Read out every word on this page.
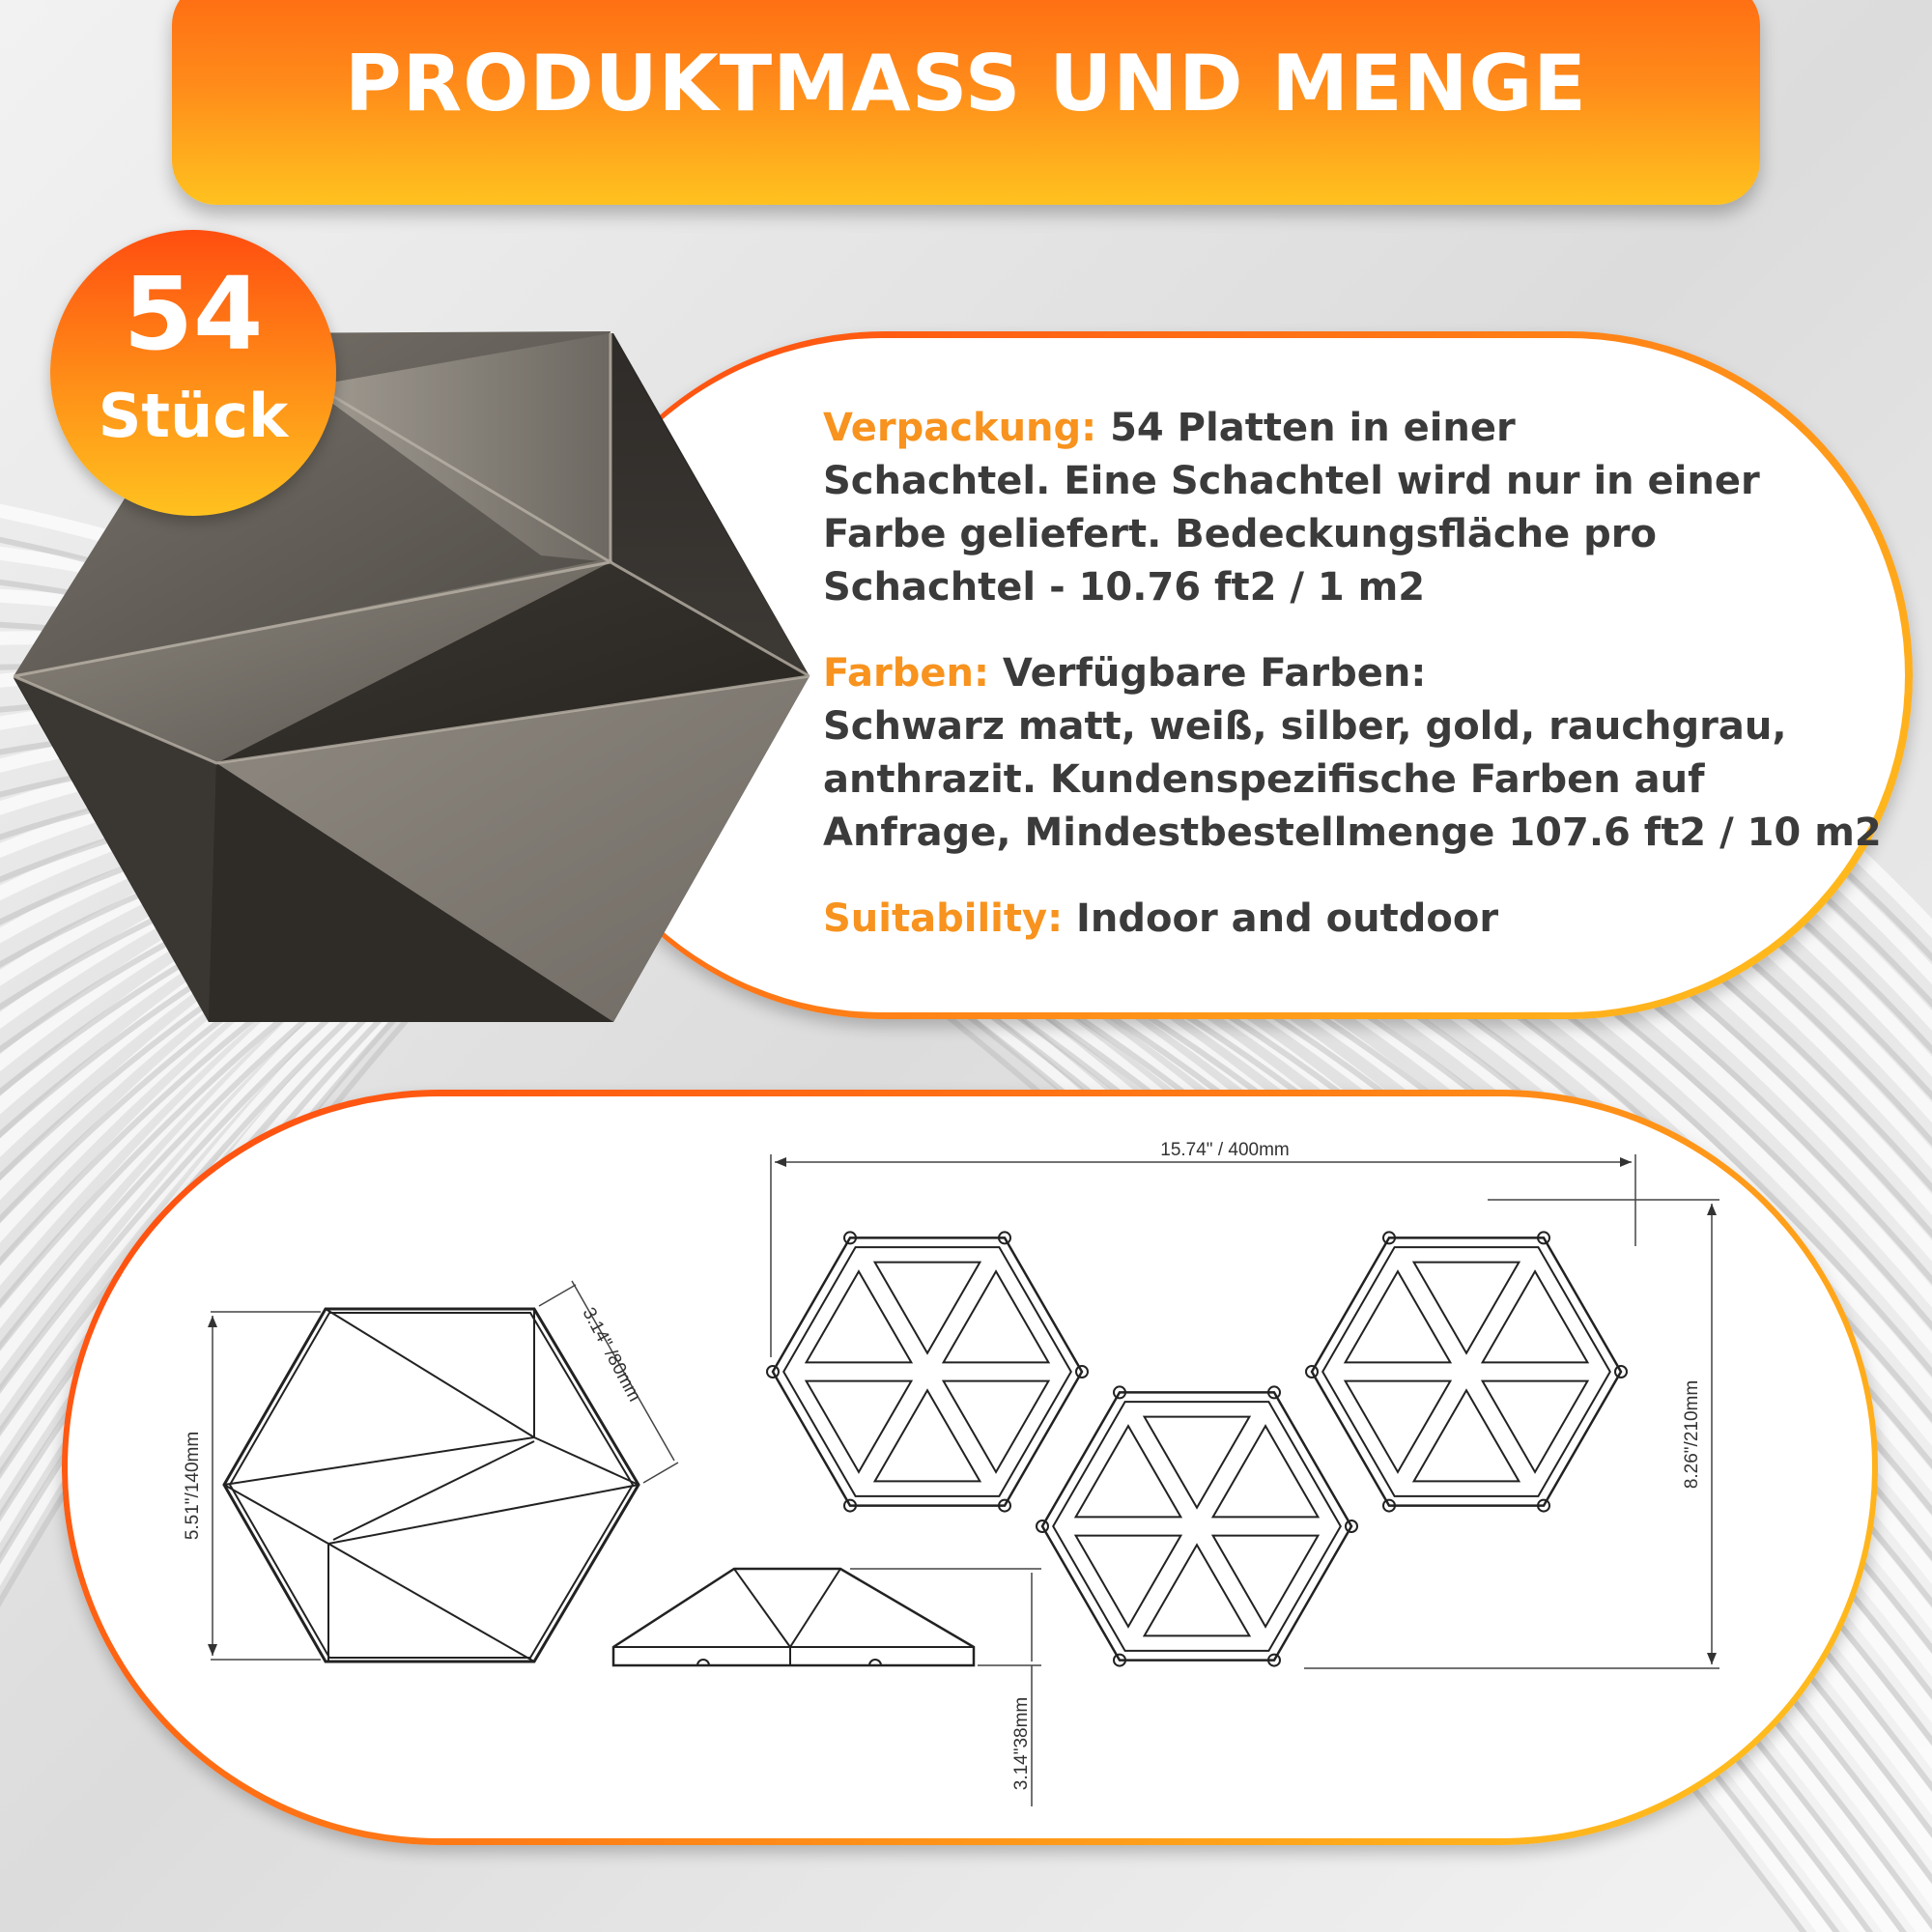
PRODUKTMASS UND MENGE

Verpackung: 54 Platten in einer
Schachtel. Eine Schachtel wird nur in einer
Farbe geliefert. Bedeckungsfläche pro
Schachtel - 10.76 ft2 / 1 m2

Farben: Verfügbare Farben:
Schwarz matt, weiß, silber, gold, rauchgrau,
anthrazit. Kundenspezifische Farben auf
Anfrage, Mindestbestellmenge 107.6 ft2 / 10 m2

Suitability: Indoor and outdoor

54
Stück
5.51"/140mm
3.14" /80mm
3.14"38mm
15.74" / 400mm
8.26"/210mm
